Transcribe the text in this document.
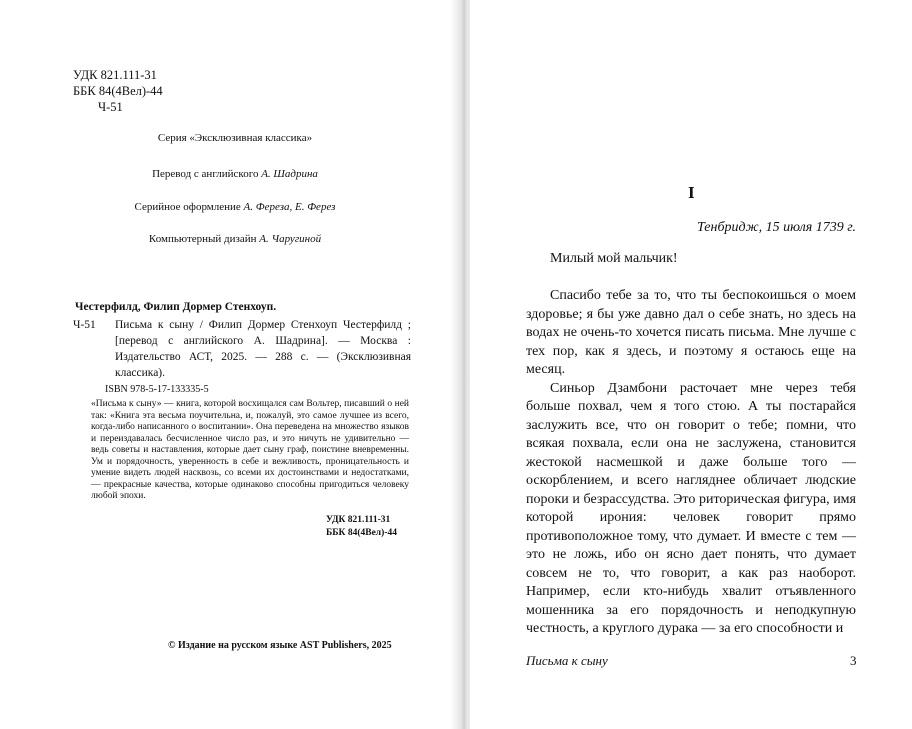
УДК 821.111-31

ББК 84(4Вел)-44

Ч-51

Серия «Эксклюзивная классика»

Перевод с английского А. Шадрина

Серийное оформление А. Фереза, Е. Ферез

Компьютерный дизайн А. Чаругиной

Честерфилд, Филип Дормер Стенхоуп.

Ч-51	Письма к сыну / Филип Дормер Стенхоуп Честерфилд ; [перевод с английского А. Шадрина]. — Москва : Издательство АСТ, 2025. — 288 с. — (Эксклюзивная классика).

ISBN 978-5-17-133335-5

«Письма к сыну» — книга, которой восхищался сам Вольтер, писавший о ней так: «Книга эта весьма поучительна, и, пожалуй, это самое лучшее из всего, когда-либо написанного о воспитании». Она переведена на множество языков и переиздавалась бесчисленное число раз, и это ничуть не удивительно — ведь советы и наставления, которые дает сыну граф, поистине вневременны. Ум и порядочность, уверенность в себе и вежливость, проницательность и умение видеть людей насквозь, со всеми их достоинствами и недостатками, — прекрасные качества, которые одинаково способны пригодиться человеку любой эпохи.

УДК 821.111-31

ББК 84(4Вел)-44

© Издание на русском языке AST Publishers, 2025

I

Тенбридж, 15 июля 1739 г.

Милый мой мальчик!

Спасибо тебе за то, что ты беспокоишься о моем здоровье; я бы уже давно дал о себе знать, но здесь на водах не очень-то хочется писать письма. Мне лучше с тех пор, как я здесь, и поэтому я остаюсь еще на месяц.

Синьор Дзамбони расточает мне через тебя больше похвал, чем я того стою. А ты постарайся заслужить все, что он говорит о тебе; помни, что всякая похвала, если она не заслужена, становится жестокой насмешкой и даже больше того — оскорблением, и всего нагляднее обличает людские пороки и безрассудства. Это риторическая фигура, имя которой ирония: человек говорит прямо противоположное тому, что думает. И вместе с тем — это не ложь, ибо он ясно дает понять, что думает совсем не то, что говорит, а как раз наоборот. Например, если кто-нибудь хвалит отъявленного мошенника за его порядочность и неподкупную честность, а круглого дурака — за его способности и

Письма к сыну	3
